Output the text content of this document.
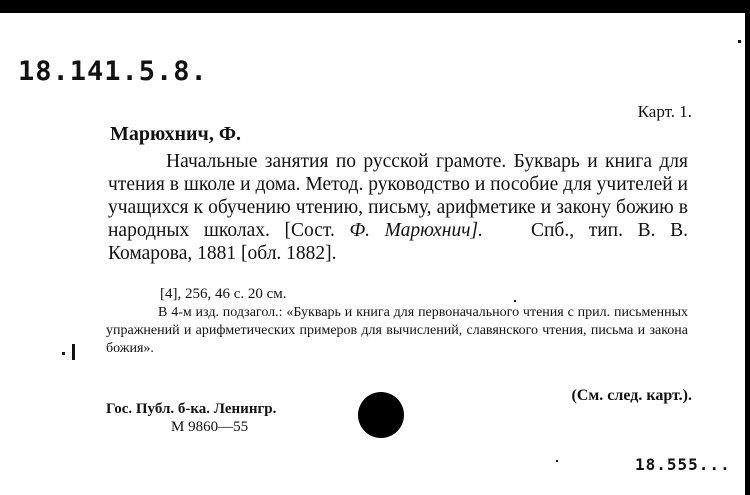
18.141.5.8.
Карт. 1.
Марюхнич, Ф.
Начальные занятия по русской грамоте. Букварь и книга для чтения в школе и дома. Метод. руководство и пособие для учителей и учащихся к обучению чтению, письму, арифметике и закону божию в народных школах. [Сост. Ф. Марюхнич]. Спб., тип. В. В. Комарова, 1881 [обл. 1882].
[4], 256, 46 с. 20 см.
В 4-м изд. подзагол.: «Букварь и книга для первоначального чтения с прил. письменных упражнений и арифметических примеров для вычислений, славянского чтения, письма и закона божия».
(См. след. карт.).
Гос. Публ. б-ка. Ленингр.
М 9860—55
18.555...
